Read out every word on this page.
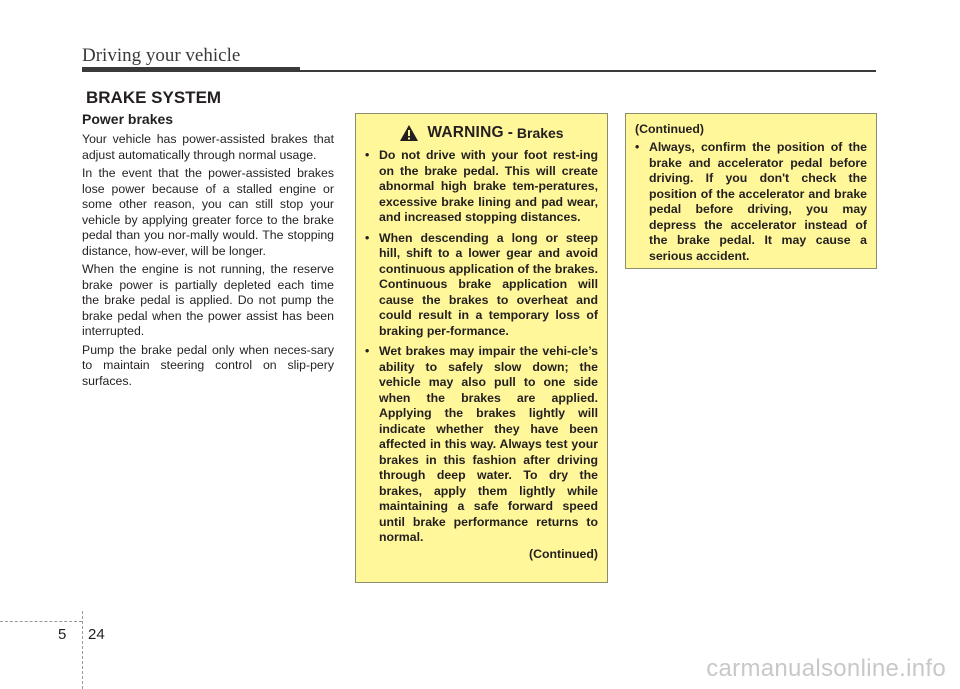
Driving your vehicle
BRAKE SYSTEM
Power brakes

Your vehicle has power-assisted brakes that adjust automatically through normal usage.

In the event that the power-assisted brakes lose power because of a stalled engine or some other reason, you can still stop your vehicle by applying greater force to the brake pedal than you nor-mally would. The stopping distance, how-ever, will be longer.

When the engine is not running, the reserve brake power is partially depleted each time the brake pedal is applied. Do not pump the brake pedal when the power assist has been interrupted.

Pump the brake pedal only when neces-sary to maintain steering control on slip-pery surfaces.

WARNING - Brakes
• Do not drive with your foot rest-ing on the brake pedal. This will create abnormal high brake tem-peratures, excessive brake lining and pad wear, and increased stopping distances.
• When descending a long or steep hill, shift to a lower gear and avoid continuous application of the brakes. Continuous brake application will cause the brakes to overheat and could result in a temporary loss of braking per-formance.
• Wet brakes may impair the vehi-cle’s ability to safely slow down; the vehicle may also pull to one side when the brakes are applied. Applying the brakes lightly will indicate whether they have been affected in this way. Always test your brakes in this fashion after driving through deep water. To dry the brakes, apply them lightly while maintaining a safe forward speed until brake performance returns to normal.
(Continued)
(Continued)
• Always, confirm the position of the brake and accelerator pedal before driving. If you don't check the position of the accelerator and brake pedal before driving, you may depress the accelerator instead of the brake pedal. It may cause a serious accident.
5 24
carmanualsonline.info
